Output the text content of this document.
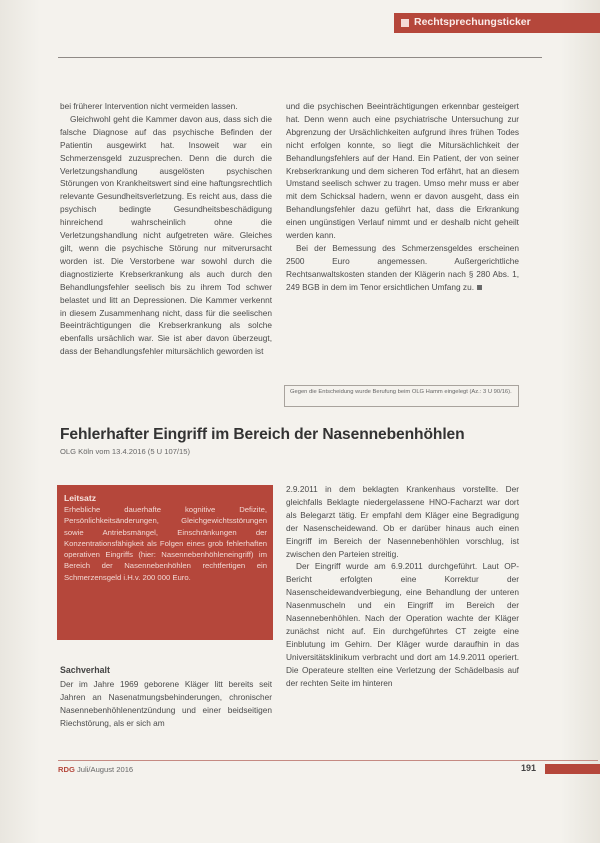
Rechtsprechungsticker

bei früherer Intervention nicht vermeiden lassen.

Gleichwohl geht die Kammer davon aus, dass sich die falsche Diagnose auf das psychische Befinden der Patientin ausgewirkt hat. Insoweit war ein Schmerzensgeld zuzusprechen. Denn die durch die Verletzungshandlung ausgelösten psychischen Störungen von Krankheitswert sind eine haftungsrechtlich relevante Gesundheitsverletzung. Es reicht aus, dass die psychisch bedingte Gesundheitsbeschädigung hinreichend wahrscheinlich ohne die Verletzungshandlung nicht aufgetreten wäre. Gleiches gilt, wenn die psychische Störung nur mitverursacht worden ist. Die Verstorbene war sowohl durch die diagnostizierte Krebserkrankung als auch durch den Behandlungsfehler seelisch bis zu ihrem Tod schwer belastet und litt an Depressionen. Die Kammer verkennt in diesem Zusammenhang nicht, dass für die seelischen Beeinträchtigungen die Krebserkrankung als solche ebenfalls ursächlich war. Sie ist aber davon überzeugt, dass der Behandlungsfehler mitursächlich geworden ist

und die psychischen Beeinträchtigungen erkennbar gesteigert hat. Denn wenn auch eine psychiatrische Untersuchung zur Abgrenzung der Ursächlichkeiten aufgrund ihres frühen Todes nicht erfolgen konnte, so liegt die Mitursächlichkeit der Behandlungsfehlers auf der Hand. Ein Patient, der von seiner Krebserkrankung und dem sicheren Tod erfährt, hat an diesem Umstand seelisch schwer zu tragen. Umso mehr muss er aber mit dem Schicksal hadern, wenn er davon ausgeht, dass ein Behandlungsfehler dazu geführt hat, dass die Erkrankung einen ungünstigen Verlauf nimmt und er deshalb nicht geheilt werden kann.

Bei der Bemessung des Schmerzensgeldes erscheinen 2500 Euro angemessen. Außergerichtliche Rechtsanwaltskosten standen der Klägerin nach § 280 Abs. 1, 249 BGB in dem im Tenor ersichtlichen Umfang zu.

Gegen die Entscheidung wurde Berufung beim OLG Hamm eingelegt (Az.: 3 U 90/16).
Fehlerhafter Eingriff im Bereich der Nasennebenhöhlen
OLG Köln vom 13.4.2016 (5 U 107/15)
Leitsatz
Erhebliche dauerhafte kognitive Defizite, Persönlichkeitsänderungen, Gleichgewichtsstörungen sowie Antriebsmängel, Einschränkungen der Konzentrationsfähigkeit als Folgen eines grob fehlerhaften operativen Eingriffs (hier: Nasennebenhöhleneingriff) im Bereich der Nasennebenhöhlen rechtfertigen ein Schmerzensgeld i.H.v. 200 000 Euro.
Sachverhalt

Der im Jahre 1969 geborene Kläger litt bereits seit Jahren an Nasenatmungsbehinderungen, chronischer Nasennebenhöhlenentzündung und einer beidseitigen Riechstörung, als er sich am

2.9.2011 in dem beklagten Krankenhaus vorstellte. Der gleichfalls Beklagte niedergelassene HNO-Facharzt war dort als Belegarzt tätig. Er empfahl dem Kläger eine Begradigung der Nasenscheidewand. Ob er darüber hinaus auch einen Eingriff im Bereich der Nasennebenhöhlen vorschlug, ist zwischen den Parteien streitig.

Der Eingriff wurde am 6.9.2011 durchgeführt. Laut OP-Bericht erfolgten eine Korrektur der Nasenscheidewandverbiegung, eine Behandlung der unteren Nasenmuscheln und ein Eingriff im Bereich der Nasennebenhöhlen. Nach der Operation wachte der Kläger zunächst nicht auf. Ein durchgeführtes CT zeigte eine Einblutung im Gehirn. Der Kläger wurde daraufhin in das Universitätsklinikum verbracht und dort am 14.9.2011 operiert. Die Operateure stellten eine Verletzung der Schädelbasis auf der rechten Seite im hinteren

RDG Juli/August 2016	191
